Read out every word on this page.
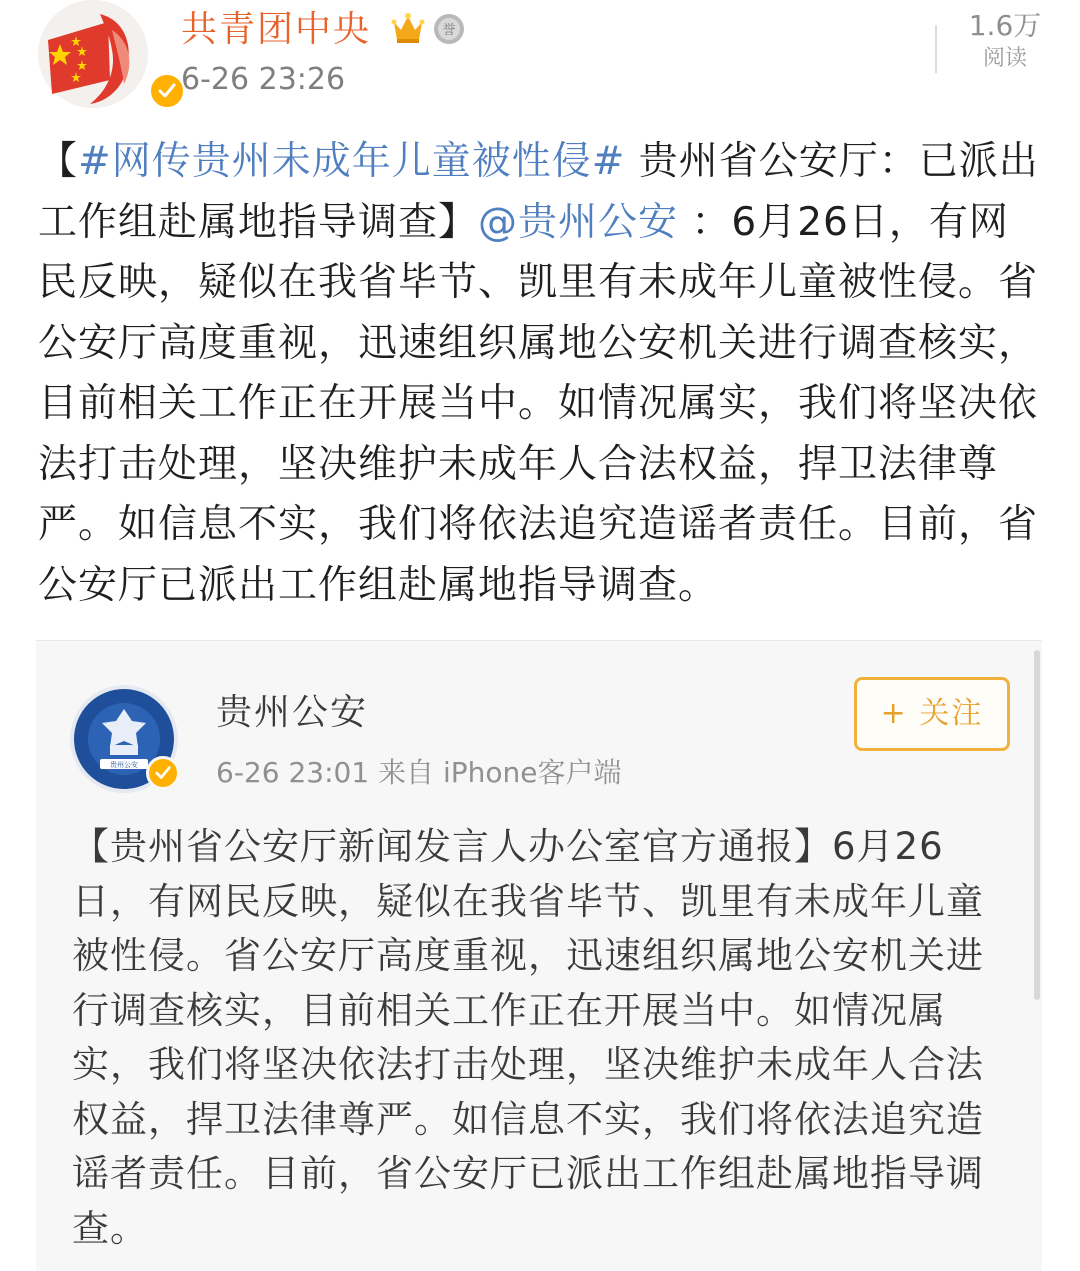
共青团中央	誉
6-26 23:26
1.6万
阅读
【#网传贵州未成年儿童被性侵# 贵州省公安厅：已派出工作组赴属地指导调查】@贵州公安 ：6月26日，有网民反映，疑似在我省毕节、凯里有未成年儿童被性侵。省公安厅高度重视，迅速组织属地公安机关进行调查核实，目前相关工作正在开展当中。如情况属实，我们将坚决依法打击处理，坚决维护未成年人合法权益，捍卫法律尊严。如信息不实，我们将依法追究造谣者责任。目前，省公安厅已派出工作组赴属地指导调查。
贵州公安
贵州公安
6-26 23:01 来自 iPhone客户端
+ 关注
【贵州省公安厅新闻发言人办公室官方通报】6月26日，有网民反映，疑似在我省毕节、凯里有未成年儿童被性侵。省公安厅高度重视，迅速组织属地公安机关进行调查核实，目前相关工作正在开展当中。如情况属实，我们将坚决依法打击处理，坚决维护未成年人合法权益，捍卫法律尊严。如信息不实，我们将依法追究造谣者责任。目前，省公安厅已派出工作组赴属地指导调查。
